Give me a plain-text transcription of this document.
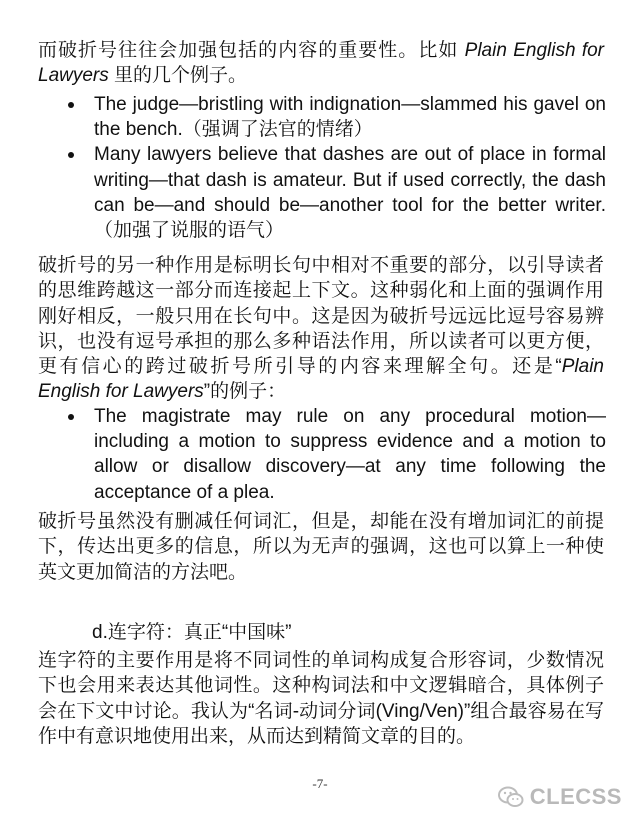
而破折号往往会加强包括的内容的重要性。比如 Plain English for Lawyers 里的几个例子。
The judge—bristling with indignation—slammed his gavel on the bench.（强调了法官的情绪）
Many lawyers believe that dashes are out of place in formal writing—that dash is amateur. But if used correctly, the dash can be—and should be—another tool for the better writer.（加强了说服的语气）
破折号的另一种作用是标明长句中相对不重要的部分，以引导读者的思维跨越这一部分而连接起上下文。这种弱化和上面的强调作用刚好相反，一般只用在长句中。这是因为破折号远远比逗号容易辨识，也没有逗号承担的那么多种语法作用，所以读者可以更方便，更有信心的跨过破折号所引导的内容来理解全句。还是“Plain English for Lawyers”的例子：
The magistrate may rule on any procedural motion—including a motion to suppress evidence and a motion to allow or disallow discovery—at any time following the acceptance of a plea.
破折号虽然没有删减任何词汇，但是，却能在没有增加词汇的前提下，传达出更多的信息，所以为无声的强调，这也可以算上一种使英文更加简洁的方法吧。
d.连字符：真正“中国味”
连字符的主要作用是将不同词性的单词构成复合形容词，少数情况下也会用来表达其他词性。这种构词法和中文逻辑暗合，具体例子会在下文中讨论。我认为“名词-动词分词(Ving/Ven)”组合最容易在写作中有意识地使用出来，从而达到精简文章的目的。
-7-
CLECSS
